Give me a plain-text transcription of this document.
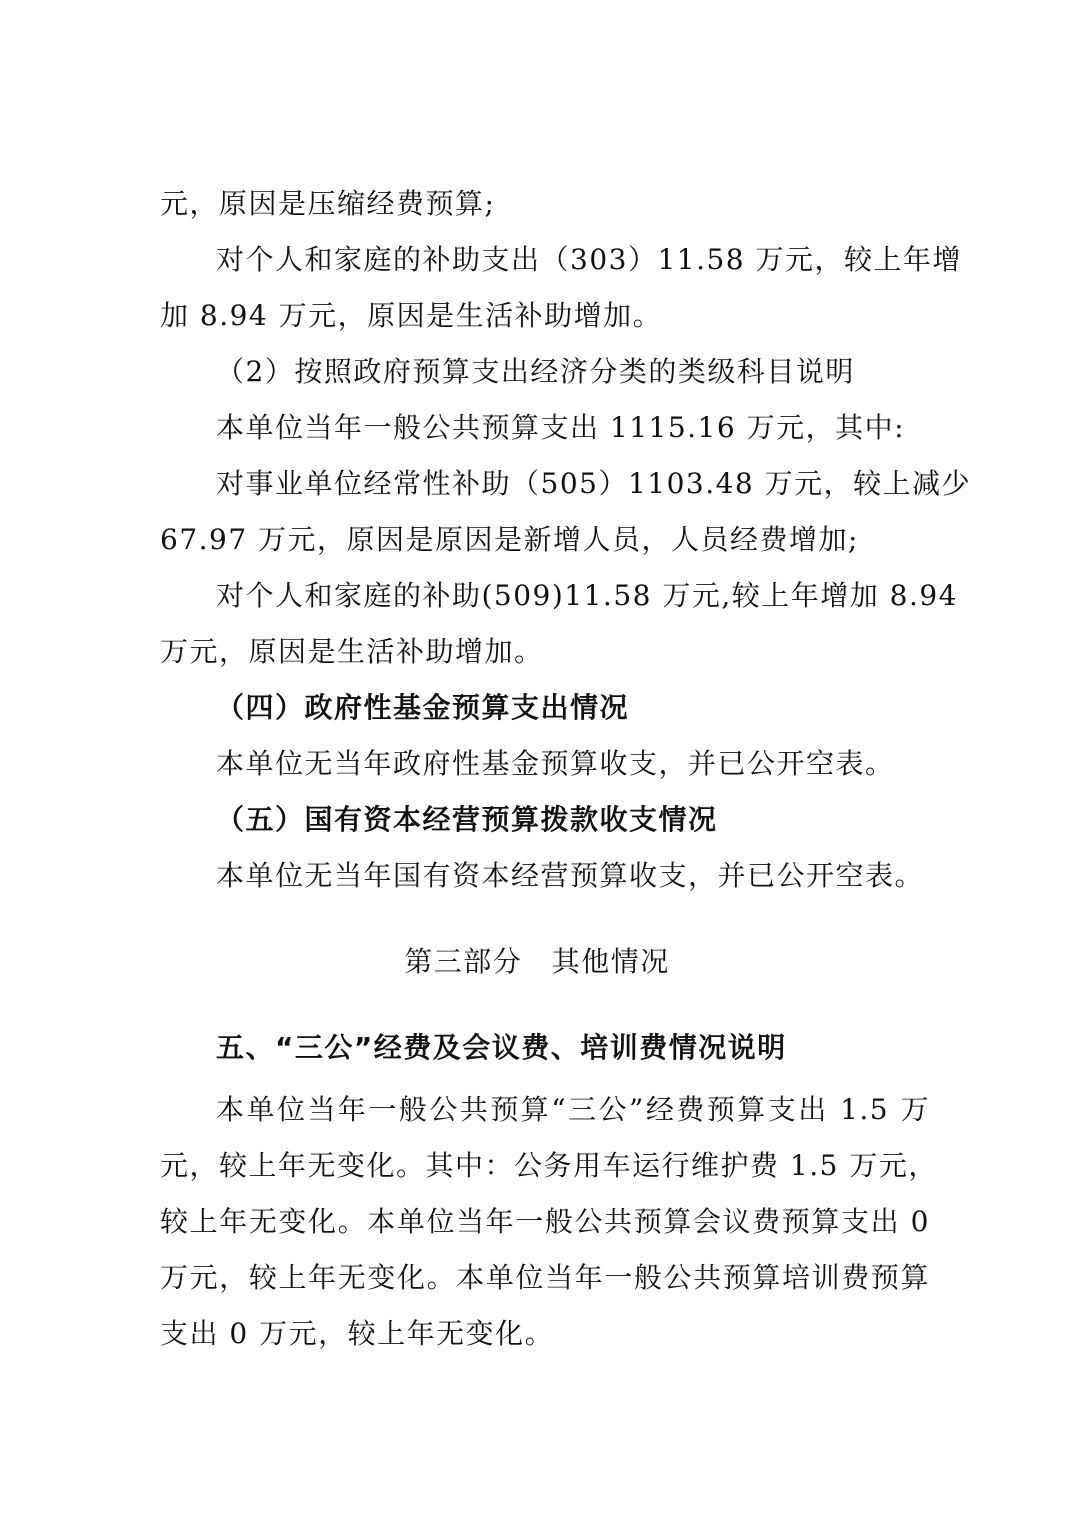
元，原因是压缩经费预算;
对个人和家庭的补助支出（303）11.58 万元，较上年增
加 8.94 万元，原因是生活补助增加。
（2）按照政府预算支出经济分类的类级科目说明
本单位当年一般公共预算支出 1115.16 万元，其中:
对事业单位经常性补助（505）1103.48 万元，较上减少
67.97 万元，原因是原因是新增人员，人员经费增加;
对个人和家庭的补助(509)11.58 万元,较上年增加 8.94
万元，原因是生活补助增加。
（四）政府性基金预算支出情况
本单位无当年政府性基金预算收支，并已公开空表。
（五）国有资本经营预算拨款收支情况
本单位无当年国有资本经营预算收支，并已公开空表。
第三部分　其他情况
五、“三公”经费及会议费、培训费情况说明
本单位当年一般公共预算“三公”经费预算支出 1.5 万
元，较上年无变化。其中：公务用车运行维护费 1.5 万元，
较上年无变化。本单位当年一般公共预算会议费预算支出 0
万元，较上年无变化。本单位当年一般公共预算培训费预算
支出 0 万元，较上年无变化。
